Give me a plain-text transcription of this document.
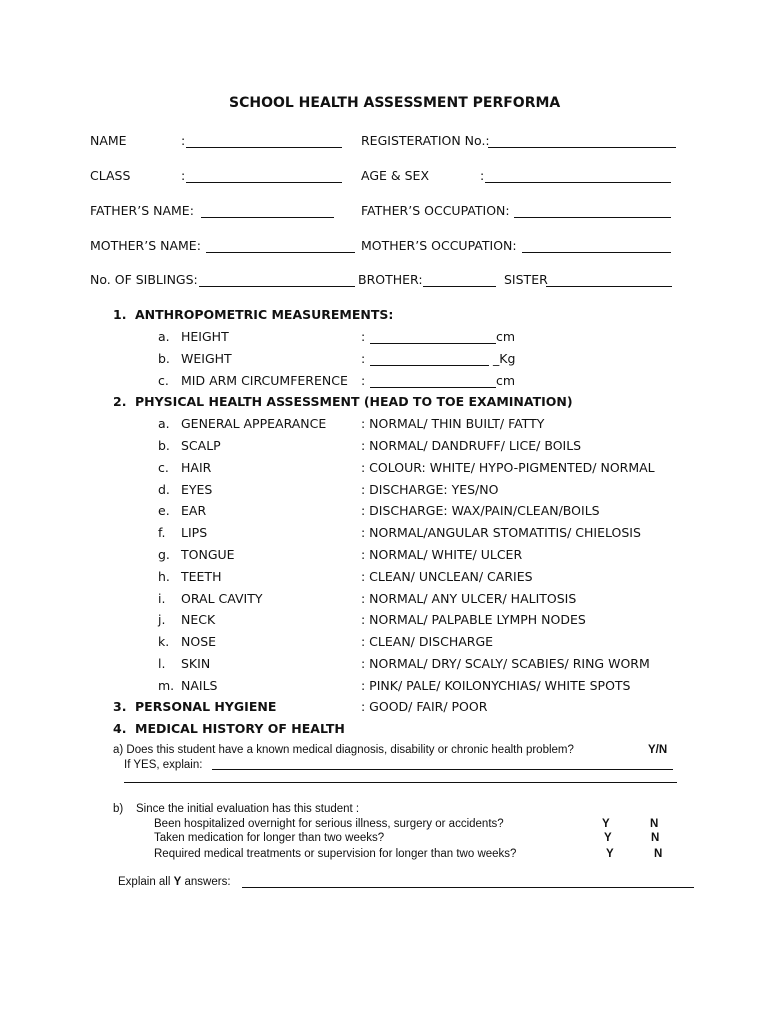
SCHOOL HEALTH ASSESSMENT PERFORMA
NAME	:	REGISTERATION No.:
CLASS	:	AGE & SEX	:
FATHER’S NAME:	FATHER’S OCCUPATION:
MOTHER’S NAME:	MOTHER’S OCCUPATION:
No. OF SIBLINGS:	BROTHER:	SISTER
1. ANTHROPOMETRIC MEASUREMENTS:
a. HEIGHT	:	cm
b. WEIGHT	:	_Kg
c. MID ARM CIRCUMFERENCE :	cm
2. PHYSICAL HEALTH ASSESSMENT (HEAD TO TOE EXAMINATION)
a. GENERAL APPEARANCE	: NORMAL/ THIN BUILT/ FATTY
b. SCALP	: NORMAL/ DANDRUFF/ LICE/ BOILS
c. HAIR	: COLOUR: WHITE/ HYPO-PIGMENTED/ NORMAL
d. EYES	: DISCHARGE: YES/NO
e. EAR	: DISCHARGE: WAX/PAIN/CLEAN/BOILS
f. LIPS	: NORMAL/ANGULAR STOMATITIS/ CHIELOSIS
g. TONGUE	: NORMAL/ WHITE/ ULCER
h. TEETH	: CLEAN/ UNCLEAN/ CARIES
i. ORAL CAVITY	: NORMAL/ ANY ULCER/ HALITOSIS
j. NECK	: NORMAL/ PALPABLE LYMPH NODES
k. NOSE	: CLEAN/ DISCHARGE
l. SKIN	: NORMAL/ DRY/ SCALY/ SCABIES/ RING WORM
m. NAILS	: PINK/ PALE/ KOILONYCHIAS/ WHITE SPOTS
3. PERSONAL HYGIENE	: GOOD/ FAIR/ POOR
4. MEDICAL HISTORY OF HEALTH
a) Does this student have a known medical diagnosis, disability or chronic health problem?	Y/N
If YES, explain:
b) Since the initial evaluation has this student :
Been hospitalized overnight for serious illness, surgery or accidents?	Y	N
Taken medication for longer than two weeks?	Y	N
Required medical treatments or supervision for longer than two weeks?	Y	N
Explain all Y answers:
